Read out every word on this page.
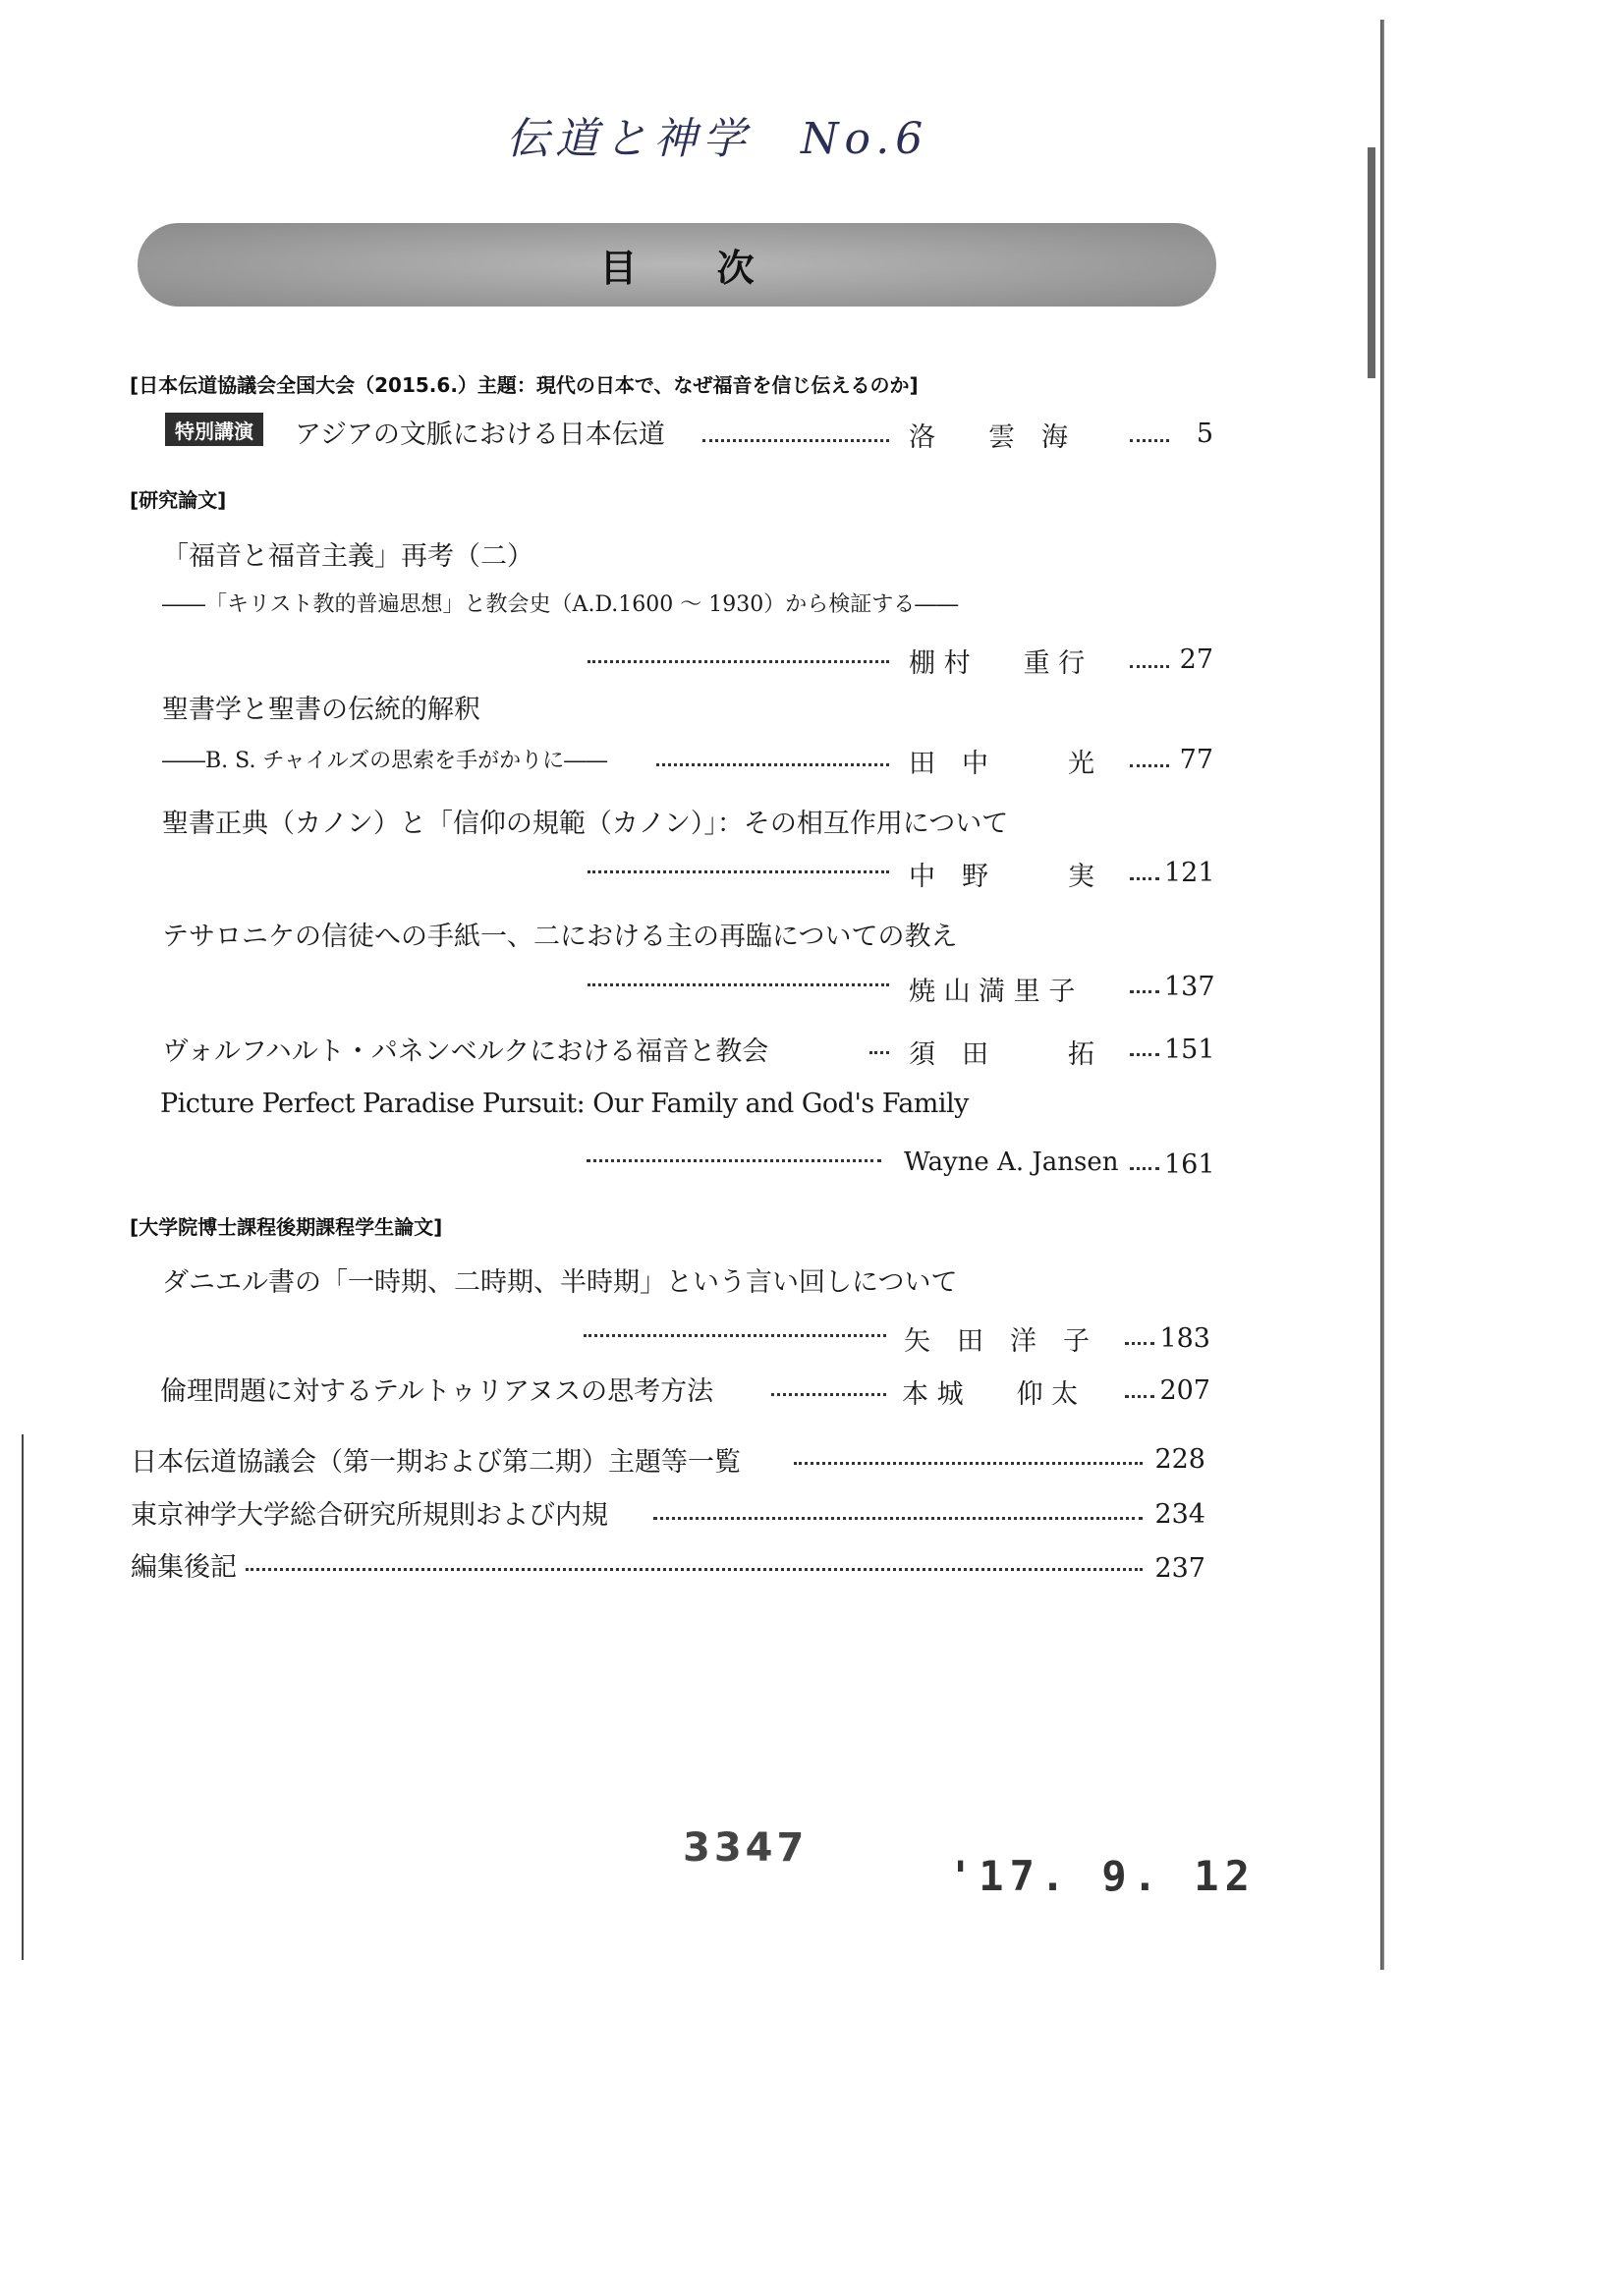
伝道と神学　No.6
目 次
[日本伝道協議会全国大会（2015.6.）主題：現代の日本で、なぜ福音を信じ伝えるのか]
特別講演	アジアの文脈における日本伝道	洛　　雲　海	5
[研究論文]
「福音と福音主義」再考（二）
――「キリスト教的普遍思想」と教会史（A.D.1600 ～ 1930）から検証する――
棚 村　　重 行	27
聖書学と聖書の伝統的解釈
――B. S. チャイルズの思索を手がかりに――	田　中　　　光	77
聖書正典（カノン）と「信仰の規範（カノン）」：その相互作用について
中　野　　　実	121
テサロニケの信徒への手紙一、二における主の再臨についての教え
焼 山 満 里 子	137
ヴォルフハルト・パネンベルクにおける福音と教会	須　田　　　拓	151
Picture Perfect Paradise Pursuit: Our Family and God's Family
Wayne A. Jansen 161
[大学院博士課程後期課程学生論文]
ダニエル書の「一時期、二時期、半時期」という言い回しについて
矢　田　洋　子	183
倫理問題に対するテルトゥリアヌスの思考方法	本 城　　仰 太	207
日本伝道協議会（第一期および第二期）主題等一覧	228
東京神学大学総合研究所規則および内規	234
編集後記	237
3347
'17. 9. 12
